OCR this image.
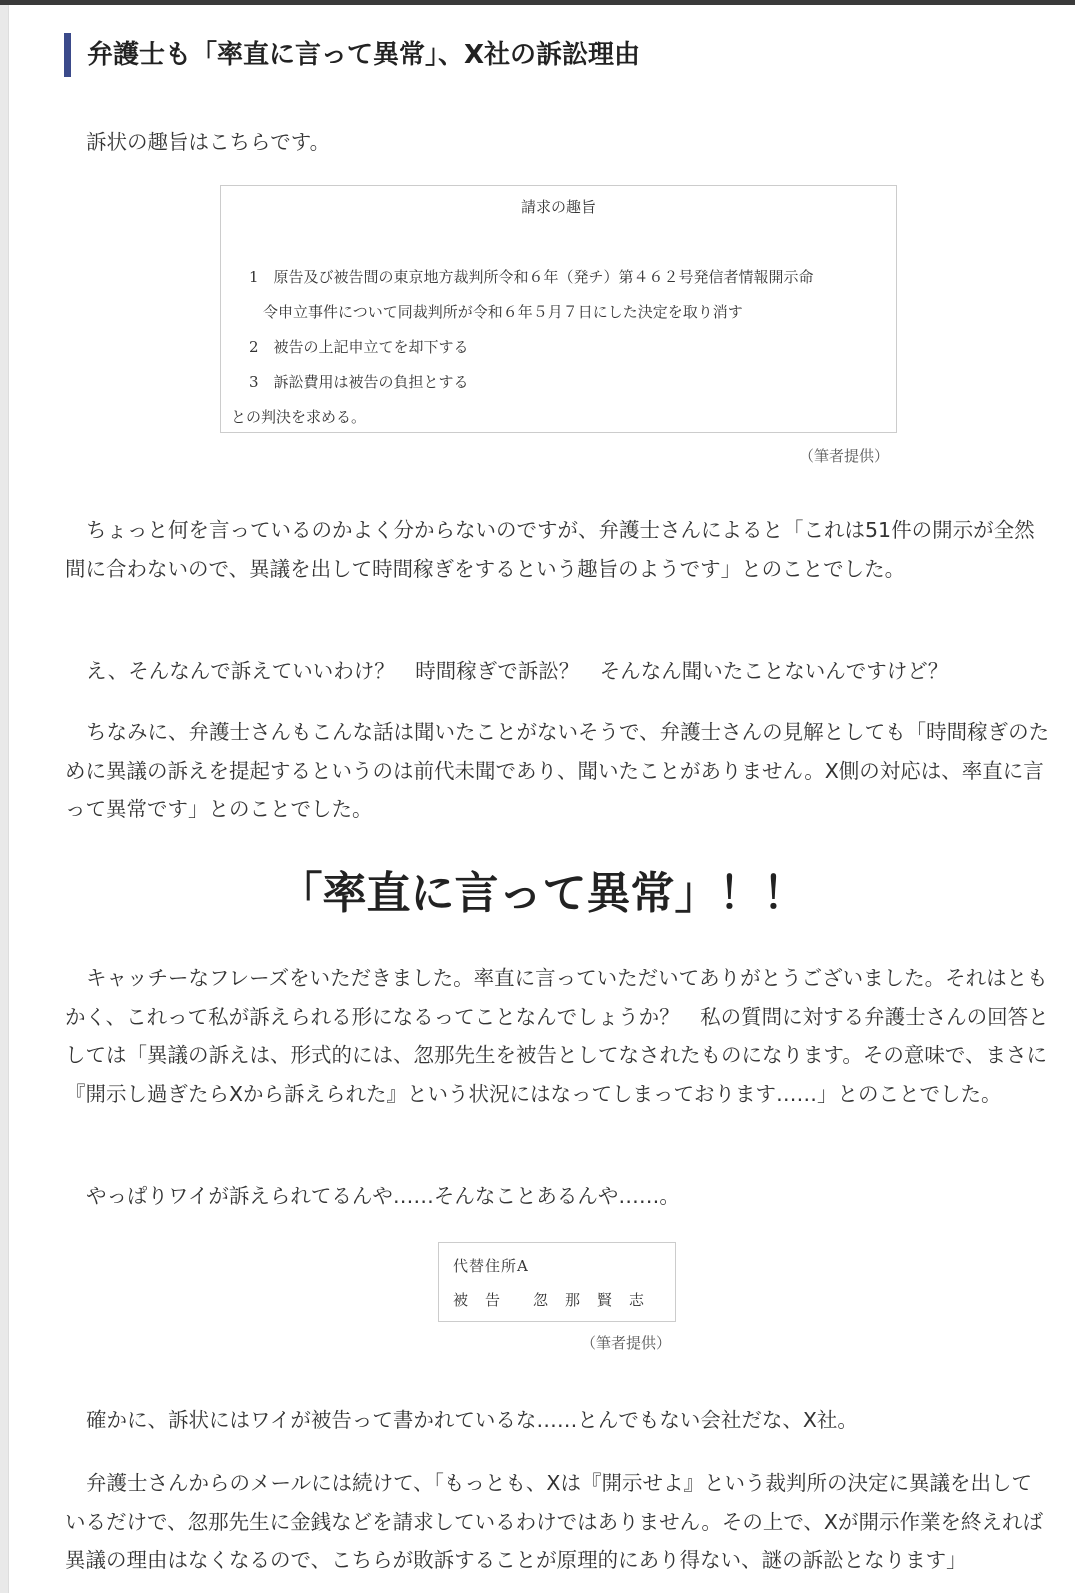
弁護士も「率直に言って異常」、X社の訴訟理由
訴状の趣旨はこちらです。
請求の趣旨
1　原告及び被告間の東京地方裁判所令和６年（発チ）第４６２号発信者情報開示命
令申立事件について同裁判所が令和６年５月７日にした決定を取り消す
2　被告の上記申立てを却下する
3　訴訟費用は被告の負担とする
との判決を求める。
（筆者提供）
ちょっと何を言っているのかよく分からないのですが、弁護士さんによると「これは51件の開示が全然間に合わないので、異議を出して時間稼ぎをするという趣旨のようです」とのことでした。
え、そんなんで訴えていいわけ？　時間稼ぎで訴訟？　そんなん聞いたことないんですけど？
ちなみに、弁護士さんもこんな話は聞いたことがないそうで、弁護士さんの見解としても「時間稼ぎのために異議の訴えを提起するというのは前代未聞であり、聞いたことがありません。X側の対応は、率直に言って異常です」とのことでした。
「率直に言って異常」！！
キャッチーなフレーズをいただきました。率直に言っていただいてありがとうございました。それはともかく、これって私が訴えられる形になるってことなんでしょうか？　私の質問に対する弁護士さんの回答としては「異議の訴えは、形式的には、忽那先生を被告としてなされたものになります。その意味で、まさに『開示し過ぎたらXから訴えられた』という状況にはなってしまっております……」とのことでした。
やっぱりワイが訴えられてるんや……そんなことあるんや……。
代替住所A
被　告　　忽　那　賢　志
（筆者提供）
確かに、訴状にはワイが被告って書かれているな……とんでもない会社だな、X社。
弁護士さんからのメールには続けて、「もっとも、Xは『開示せよ』という裁判所の決定に異議を出しているだけで、忽那先生に金銭などを請求しているわけではありません。その上で、Xが開示作業を終えれば異議の理由はなくなるので、こちらが敗訴することが原理的にあり得ない、謎の訴訟となります」
